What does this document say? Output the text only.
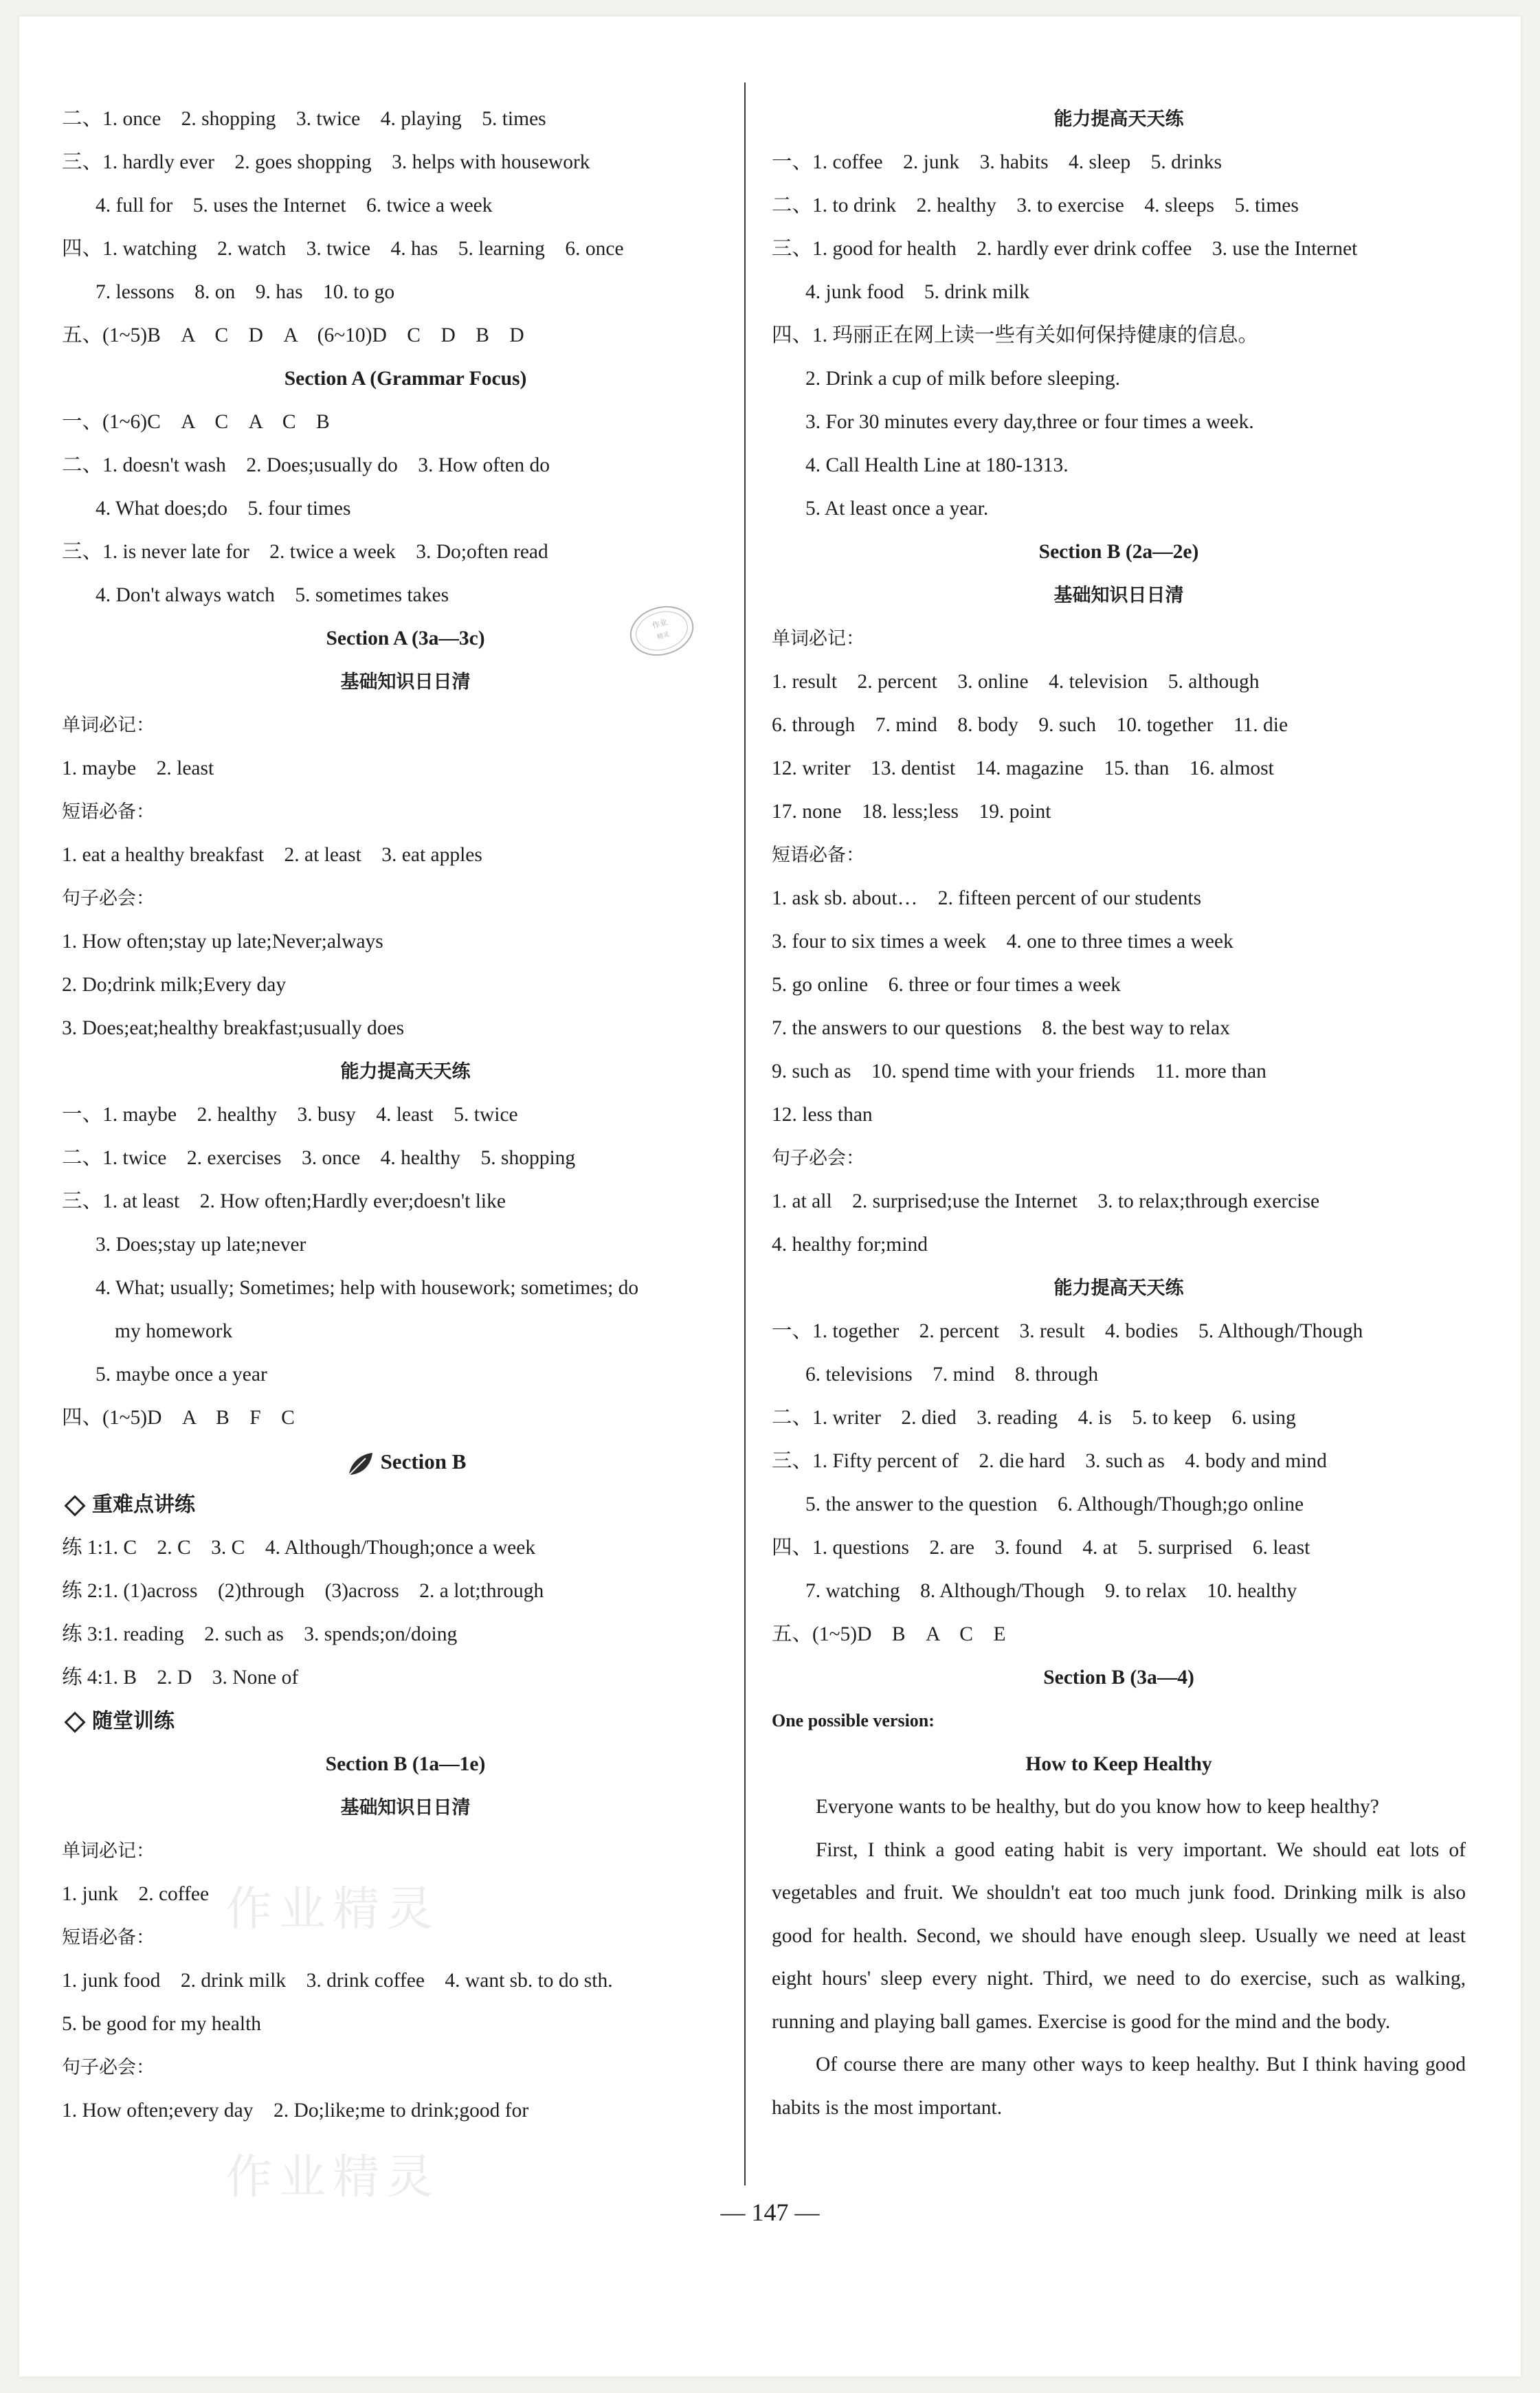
二、1. once　2. shopping　3. twice　4. playing　5. times
三、1. hardly ever　2. goes shopping　3. helps with housework
4. full for　5. uses the Internet　6. twice a week
四、1. watching　2. watch　3. twice　4. has　5. learning　6. once
7. lessons　8. on　9. has　10. to go
五、(1~5)B　A　C　D　A　(6~10)D　C　D　B　D
Section A (Grammar Focus)
一、(1~6)C　A　C　A　C　B
二、1. doesn't wash　2. Does;usually do　3. How often do
4. What does;do　5. four times
三、1. is never late for　2. twice a week　3. Do;often read
4. Don't always watch　5. sometimes takes
Section A (3a—3c)
基础知识日日清
单词必记：
1. maybe　2. least
短语必备：
1. eat a healthy breakfast　2. at least　3. eat apples
句子必会：
1. How often;stay up late;Never;always
2. Do;drink milk;Every day
3. Does;eat;healthy breakfast;usually does
能力提高天天练
一、1. maybe　2. healthy　3. busy　4. least　5. twice
二、1. twice　2. exercises　3. once　4. healthy　5. shopping
三、1. at least　2. How often;Hardly ever;doesn't like
3. Does;stay up late;never
4. What; usually; Sometimes; help with housework; sometimes; do
my homework
5. maybe once a year
四、(1~5)D　A　B　F　C
Section B
重难点讲练
练 1:1. C　2. C　3. C　4. Although/Though;once a week
练 2:1. (1)across　(2)through　(3)across　2. a lot;through
练 3:1. reading　2. such as　3. spends;on/doing
练 4:1. B　2. D　3. None of
随堂训练
Section B (1a—1e)
基础知识日日清
单词必记：
1. junk　2. coffee
短语必备：
1. junk food　2. drink milk　3. drink coffee　4. want sb. to do sth.
5. be good for my health
句子必会：
1. How often;every day　2. Do;like;me to drink;good for
能力提高天天练
一、1. coffee　2. junk　3. habits　4. sleep　5. drinks
二、1. to drink　2. healthy　3. to exercise　4. sleeps　5. times
三、1. good for health　2. hardly ever drink coffee　3. use the Internet
4. junk food　5. drink milk
四、1. 玛丽正在网上读一些有关如何保持健康的信息。
2. Drink a cup of milk before sleeping.
3. For 30 minutes every day,three or four times a week.
4. Call Health Line at 180-1313.
5. At least once a year.
Section B (2a—2e)
基础知识日日清
单词必记：
1. result　2. percent　3. online　4. television　5. although
6. through　7. mind　8. body　9. such　10. together　11. die
12. writer　13. dentist　14. magazine　15. than　16. almost
17. none　18. less;less　19. point
短语必备：
1. ask sb. about…　2. fifteen percent of our students
3. four to six times a week　4. one to three times a week
5. go online　6. three or four times a week
7. the answers to our questions　8. the best way to relax
9. such as　10. spend time with your friends　11. more than
12. less than
句子必会：
1. at all　2. surprised;use the Internet　3. to relax;through exercise
4. healthy for;mind
能力提高天天练
一、1. together　2. percent　3. result　4. bodies　5. Although/Though
6. televisions　7. mind　8. through
二、1. writer　2. died　3. reading　4. is　5. to keep　6. using
三、1. Fifty percent of　2. die hard　3. such as　4. body and mind
5. the answer to the question　6. Although/Though;go online
四、1. questions　2. are　3. found　4. at　5. surprised　6. least
7. watching　8. Although/Though　9. to relax　10. healthy
五、(1~5)D　B　A　C　E
Section B (3a—4)

One possible version:

How to Keep Healthy

Everyone wants to be healthy, but do you know how to keep healthy?

First, I think a good eating habit is very important. We should eat lots of vegetables and fruit. We shouldn't eat too much junk food. Drinking milk is also good for health. Second, we should have enough sleep. Usually we need at least eight hours' sleep every night. Third, we need to do exercise, such as walking, running and playing ball games. Exercise is good for the mind and the body.

Of course there are many other ways to keep healthy. But I think having good habits is the most important.

作业
精灵
作业精灵
作业精灵
— 147 —
